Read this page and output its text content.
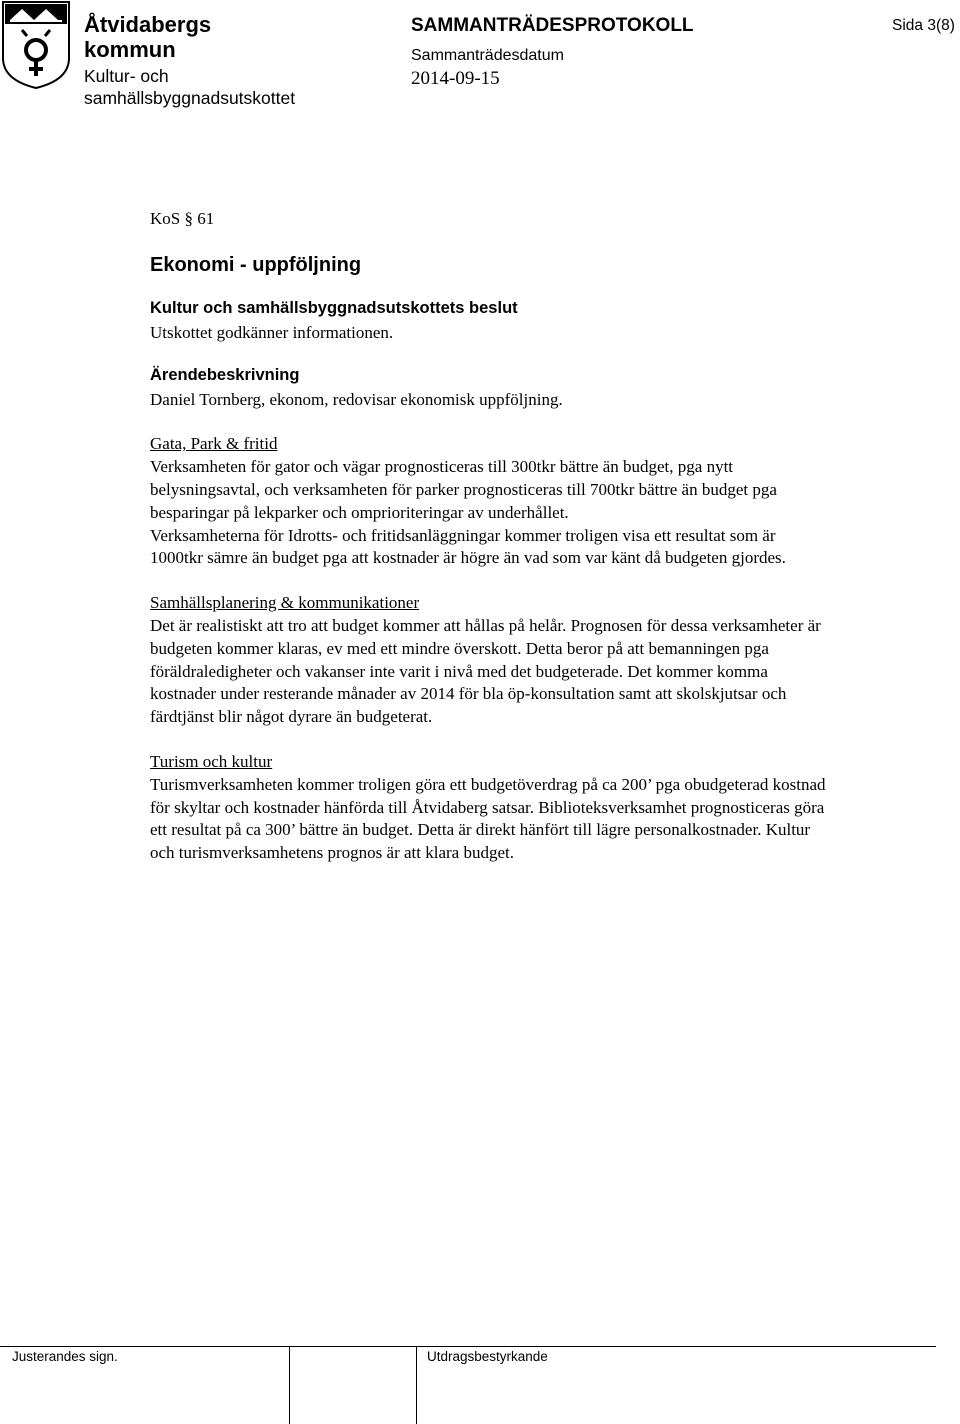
Åtvidabergs
kommun
Kultur- och
samhällsbyggnadsutskottet
SAMMANTRÄDESPROTOKOLL
Sammanträdesdatum
2014-09-15
Sida 3(8)
KoS § 61
Ekonomi - uppföljning
Kultur och samhällsbyggnadsutskottets beslut
Utskottet godkänner informationen.
Ärendebeskrivning
Daniel Tornberg, ekonom, redovisar ekonomisk uppföljning.
Gata, Park & fritid
Verksamheten för gator och vägar prognosticeras till 300tkr bättre än budget, pga nytt belysningsavtal, och verksamheten för parker prognosticeras till 700tkr bättre än budget pga besparingar på lekparker och omprioriteringar av underhållet.
Verksamheterna för Idrotts- och fritidsanläggningar kommer troligen visa ett resultat som är 1000tkr sämre än budget pga att kostnader är högre än vad som var känt då budgeten gjordes.
Samhällsplanering & kommunikationer
Det är realistiskt att tro att budget kommer att hållas på helår. Prognosen för dessa verksamheter är budgeten kommer klaras, ev med ett mindre överskott. Detta beror på att bemanningen pga föräldraledigheter och vakanser inte varit i nivå med det budgeterade. Det kommer komma kostnader under resterande månader av 2014 för bla öp-konsultation samt att skolskjutsar och färdtjänst blir något dyrare än budgeterat.
Turism och kultur
Turismverksamheten kommer troligen göra ett budgetöverdrag på ca 200’ pga obudgeterad kostnad för skyltar och kostnader hänförda till Åtvidaberg satsar. Biblioteksverksamhet prognosticeras göra ett resultat på ca 300’ bättre än budget. Detta är direkt hänfört till lägre personalkostnader. Kultur och turismverksamhetens prognos är att klara budget.
Justerandes sign.	Utdragsbestyrkande
